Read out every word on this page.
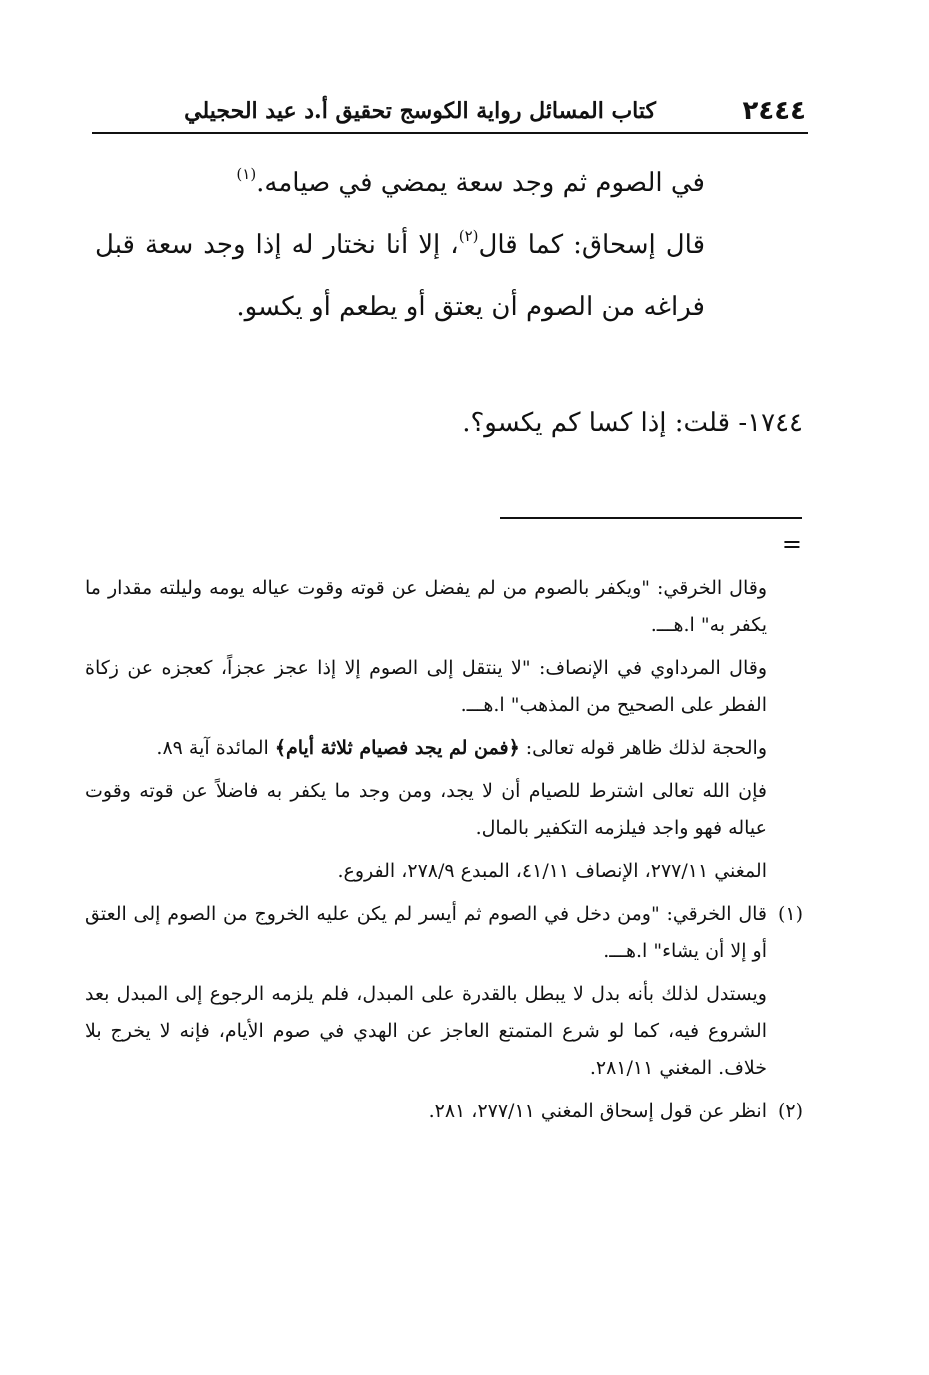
٢٤٤٤
كتاب المسائل رواية الكوسج تحقيق أ.د عيد الحجيلي

في الصوم ثم وجد سعة يمضي في صيامه.$^{(١)}$

قال إسحاق: كما قال$^{(٢)}$، إلا أنا نختار له إذا وجد سعة قبل
فراغه من الصوم أن يعتق أو يطعم أو يكسو.

١٧٤٤- قلت: إذا كسا كم يكسو؟.
=

وقال الخرقي: "ويكفر بالصوم من لم يفضل عن قوته وقوت عياله يومه وليلته مقدار ما يكفر به" ا.هـــ.

وقال المرداوي في الإنصاف: "لا ينتقل إلى الصوم إلا إذا عجز عجزاً، كعجزه عن زكاة الفطر على الصحيح من المذهب" ا.هـــ.

والحجة لذلك ظاهر قوله تعالى: ﴿فمن لم يجد فصيام ثلاثة أيام﴾ المائدة آية ٨٩.

فإن الله تعالى اشترط للصيام أن لا يجد، ومن وجد ما يكفر به فاضلاً عن قوته وقوت عياله فهو واجد فيلزمه التكفير بالمال.

المغني ٢٧٧/١١، الإنصاف ٤١/١١، المبدع ٢٧٨/٩، الفروع.

(١)
قال الخرقي: "ومن دخل في الصوم ثم أيسر لم يكن عليه الخروج من الصوم إلى العتق أو إلا أن يشاء" ا.هـــ.

ويستدل لذلك بأنه بدل لا يبطل بالقدرة على المبدل، فلم يلزمه الرجوع إلى المبدل بعد الشروع فيه، كما لو شرع المتمتع العاجز عن الهدي في صوم الأيام، فإنه لا يخرج بلا خلاف. المغني ٢٨١/١١.

(٢)
انظر عن قول إسحاق المغني ٢٧٧/١١، ٢٨١.
